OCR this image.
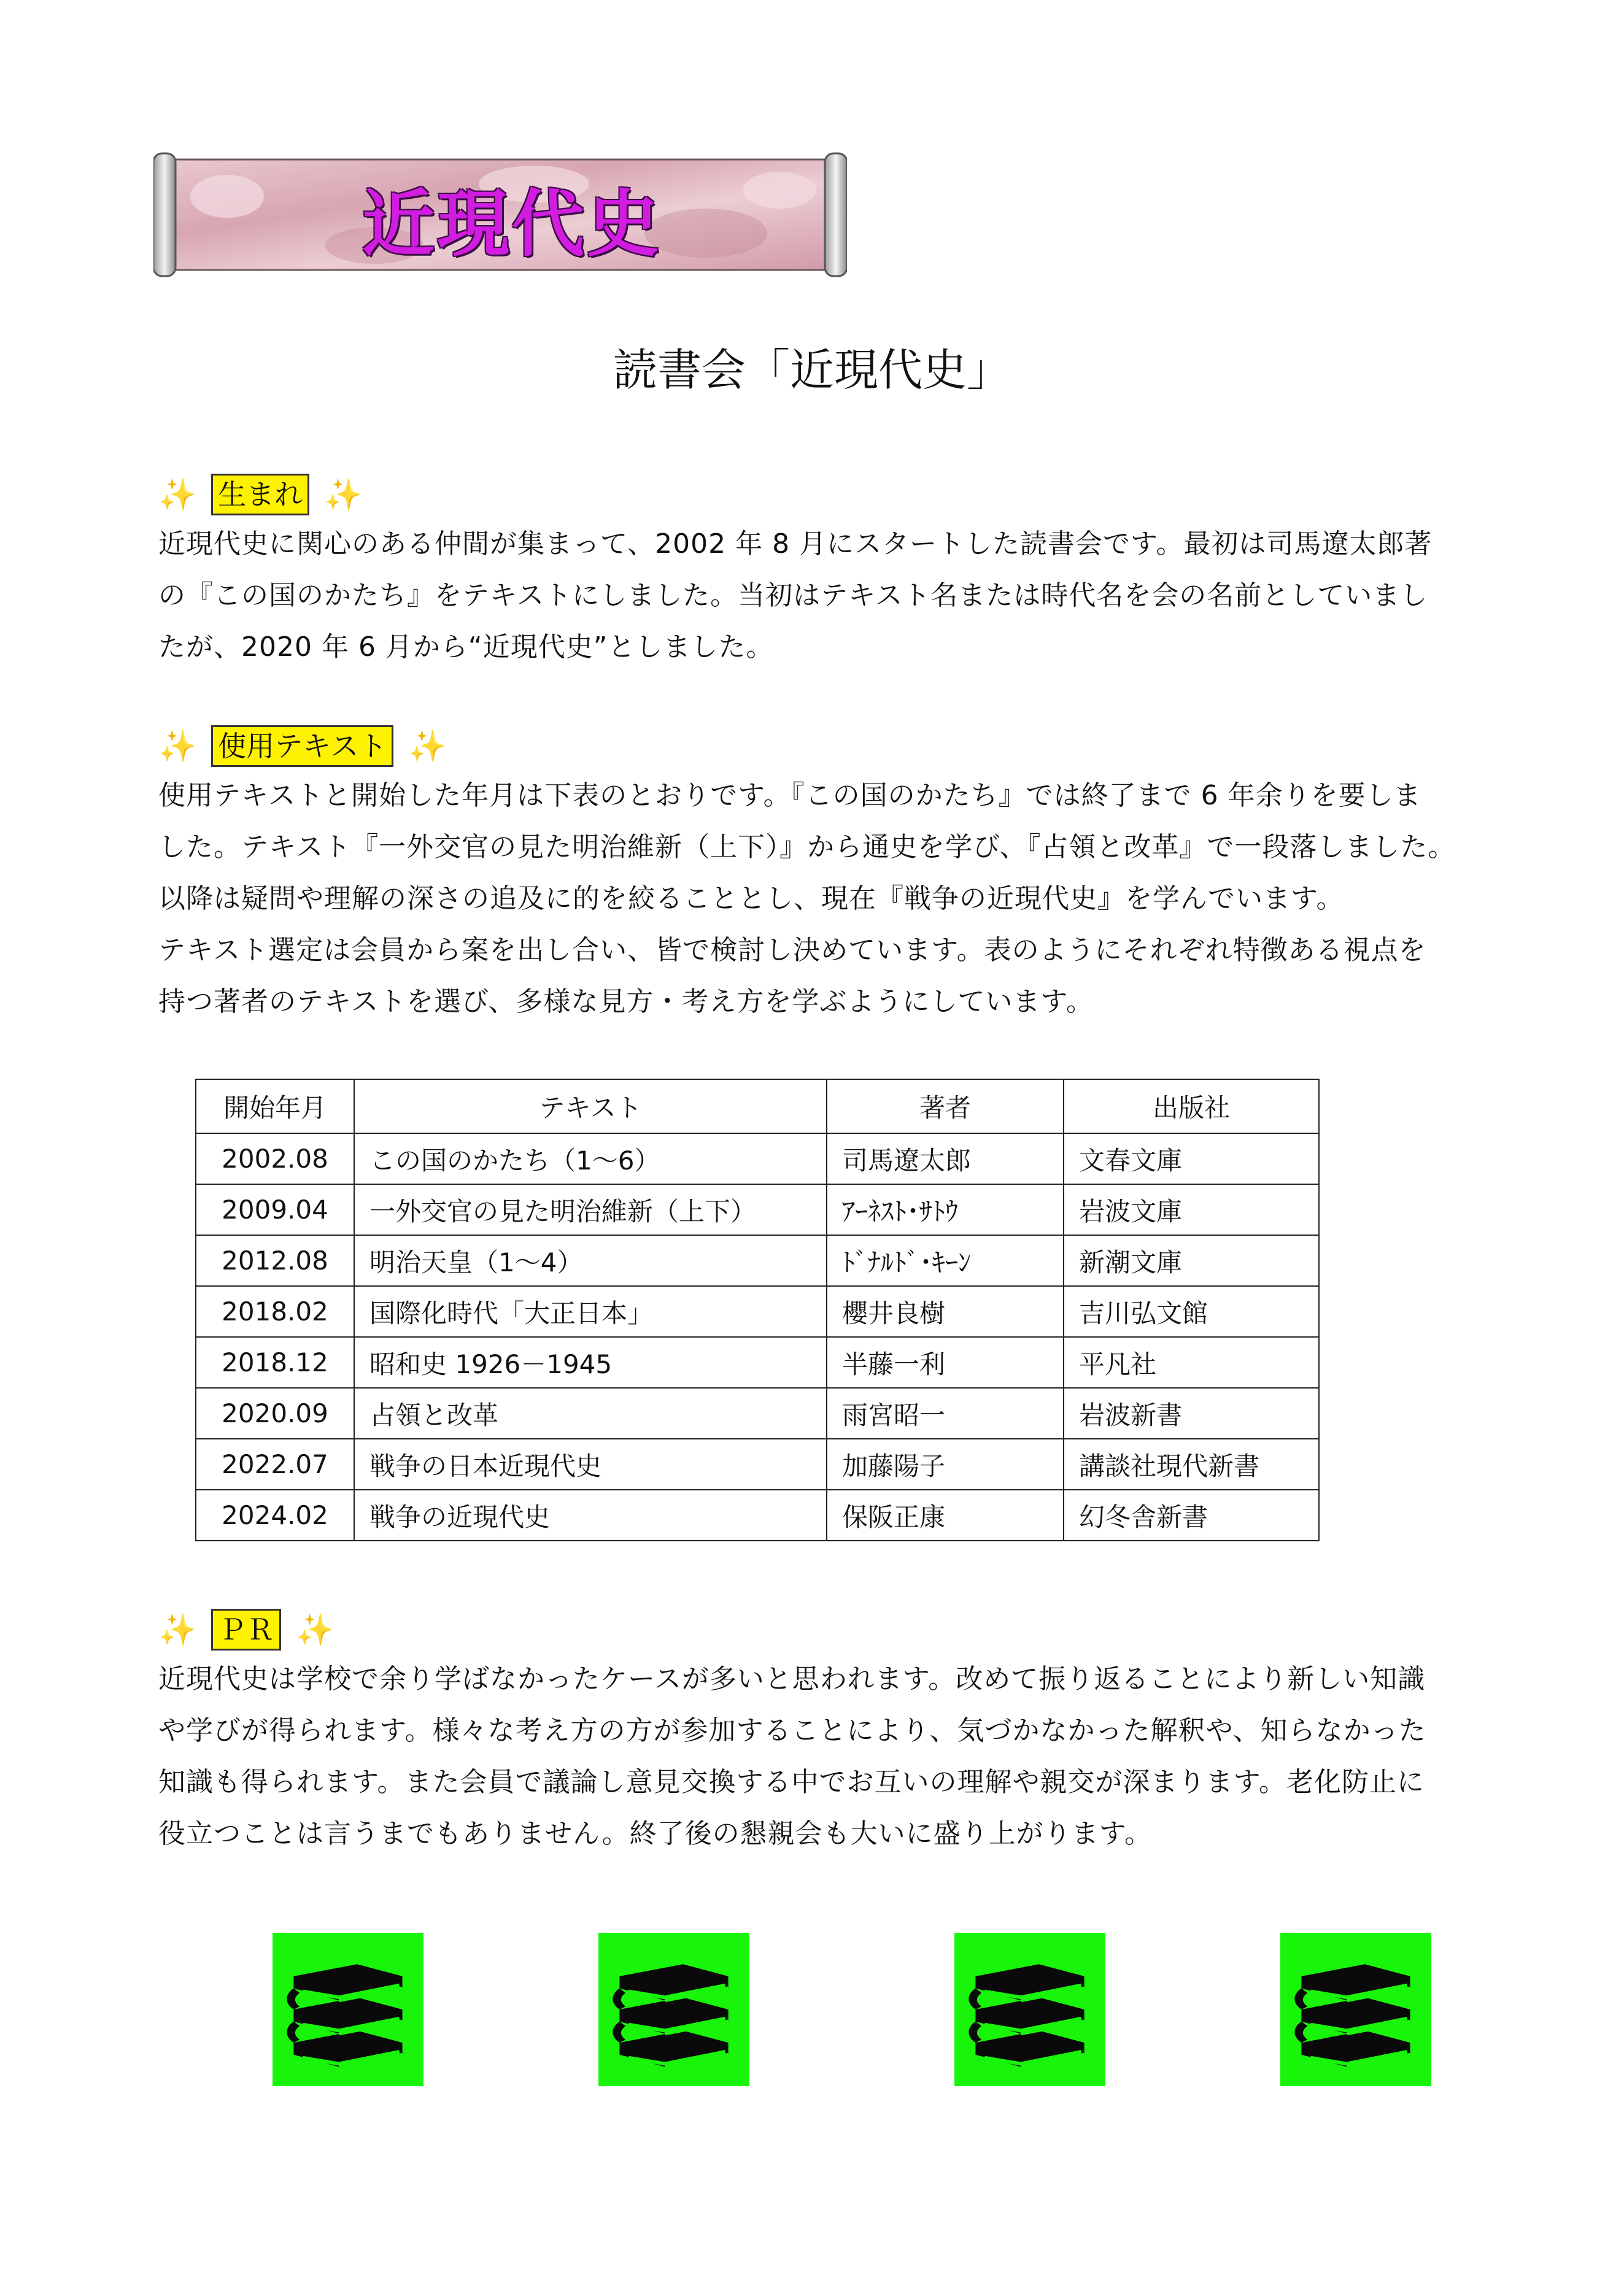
近現代史
読書会「近現代史」
✨ 生まれ ✨

近現代史に関心のある仲間が集まって、2002 年 8 月にスタートした読書会です。最初は司馬遼太郎著

の『この国のかたち』をテキストにしました。当初はテキスト名または時代名を会の名前としていまし

たが、2020 年 6 月から“近現代史”としました。

✨ 使用テキスト ✨

使用テキストと開始した年月は下表のとおりです。『この国のかたち』では終了まで 6 年余りを要しま

した。テキスト『一外交官の見た明治維新（上下）』から通史を学び、『占領と改革』で一段落しました。

以降は疑問や理解の深さの追及に的を絞ることとし、現在『戦争の近現代史』を学んでいます。

テキスト選定は会員から案を出し合い、皆で検討し決めています。表のようにそれぞれ特徴ある視点を

持つ著者のテキストを選び、多様な見方・考え方を学ぶようにしています。

開始年月	テキスト	著者	出版社
2002.08	この国のかたち（1～6）	司馬遼太郎	文春文庫
2009.04	一外交官の見た明治維新（上下）	ｱｰﾈｽﾄ･ｻﾄｳ	岩波文庫
2012.08	明治天皇（1～4）	ﾄﾞﾅﾙﾄﾞ･ｷｰﾝ	新潮文庫
2018.02	国際化時代「大正日本」	櫻井良樹	吉川弘文館
2018.12	昭和史 1926－1945	半藤一利	平凡社
2020.09	占領と改革	雨宮昭一	岩波新書
2022.07	戦争の日本近現代史	加藤陽子	講談社現代新書
2024.02	戦争の近現代史	保阪正康	幻冬舎新書
✨ ＰＲ ✨

近現代史は学校で余り学ばなかったケースが多いと思われます。改めて振り返ることにより新しい知識

や学びが得られます。様々な考え方の方が参加することにより、気づかなかった解釈や、知らなかった

知識も得られます。また会員で議論し意見交換する中でお互いの理解や親交が深まります。老化防止に

役立つことは言うまでもありません。終了後の懇親会も大いに盛り上がります。
